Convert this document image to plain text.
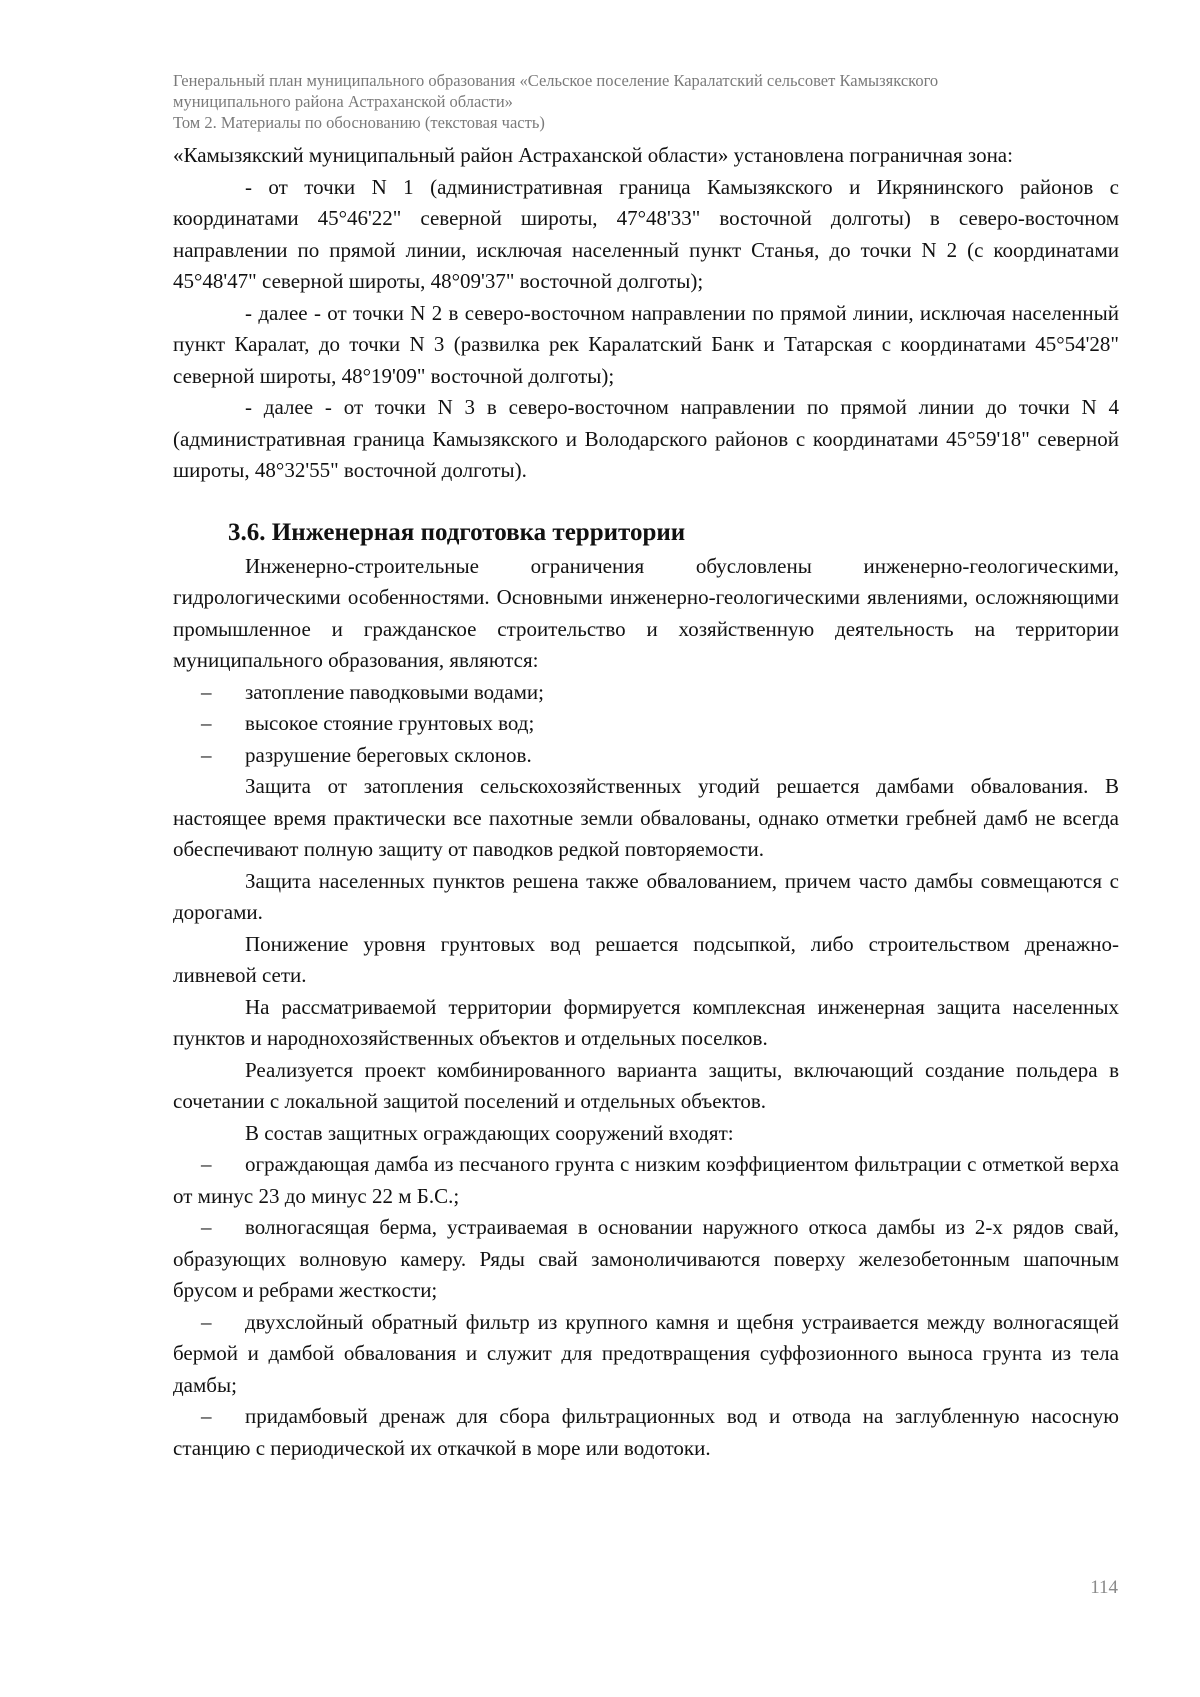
Генеральный план муниципального образования «Сельское поселение Каралатский сельсовет Камызякского
муниципального района Астраханской области»
Том 2. Материалы по обоснованию (текстовая часть)

«Камызякский муниципальный район Астраханской области» установлена пограничная зона:

- от точки N 1 (административная граница Камызякского и Икрянинского районов с координатами 45°46'22" северной широты, 47°48'33" восточной долготы) в северо-восточном направлении по прямой линии, исключая населенный пункт Станья, до точки N 2 (с координатами 45°48'47" северной широты, 48°09'37" восточной долготы);

- далее - от точки N 2 в северо-восточном направлении по прямой линии, исключая населенный пункт Каралат, до точки N 3 (развилка рек Каралатский Банк и Татарская с координатами 45°54'28" северной широты, 48°19'09" восточной долготы);

- далее - от точки N 3 в северо-восточном направлении по прямой линии до точки N 4 (административная граница Камызякского и Володарского районов с координатами 45°59'18" северной широты, 48°32'55" восточной долготы).

3.6. Инженерная подготовка территории

Инженерно-строительные ограничения обусловлены инженерно-геологическими, гидрологическими особенностями. Основными инженерно-геологическими явлениями, осложняющими промышленное и гражданское строительство и хозяйственную деятельность на территории муниципального образования, являются:

– затопление паводковыми водами;

– высокое стояние грунтовых вод;

– разрушение береговых склонов.

Защита от затопления сельскохозяйственных угодий решается дамбами обвалования. В настоящее время практически все пахотные земли обвалованы, однако отметки гребней дамб не всегда обеспечивают полную защиту от паводков редкой повторяемости.

Защита населенных пунктов решена также обвалованием, причем часто дамбы совмещаются с дорогами.

Понижение уровня грунтовых вод решается подсыпкой, либо строительством дренажно-ливневой сети.

На рассматриваемой территории формируется комплексная инженерная защита населенных пунктов и народнохозяйственных объектов и отдельных поселков.

Реализуется проект комбинированного варианта защиты, включающий создание польдера в сочетании с локальной защитой поселений и отдельных объектов.

В состав защитных ограждающих сооружений входят:

– ограждающая дамба из песчаного грунта с низким коэффициентом фильтрации с отметкой верха от минус 23 до минус 22 м Б.С.;

– волногасящая берма, устраиваемая в основании наружного откоса дамбы из 2-х рядов свай, образующих волновую камеру. Ряды свай замоноличиваются поверху железобетонным шапочным брусом и ребрами жесткости;

– двухслойный обратный фильтр из крупного камня и щебня устраивается между волногасящей бермой и дамбой обвалования и служит для предотвращения суффозионного выноса грунта из тела дамбы;

– придамбовый дренаж для сбора фильтрационных вод и отвода на заглубленную насосную станцию с периодической их откачкой в море или водотоки.

114
